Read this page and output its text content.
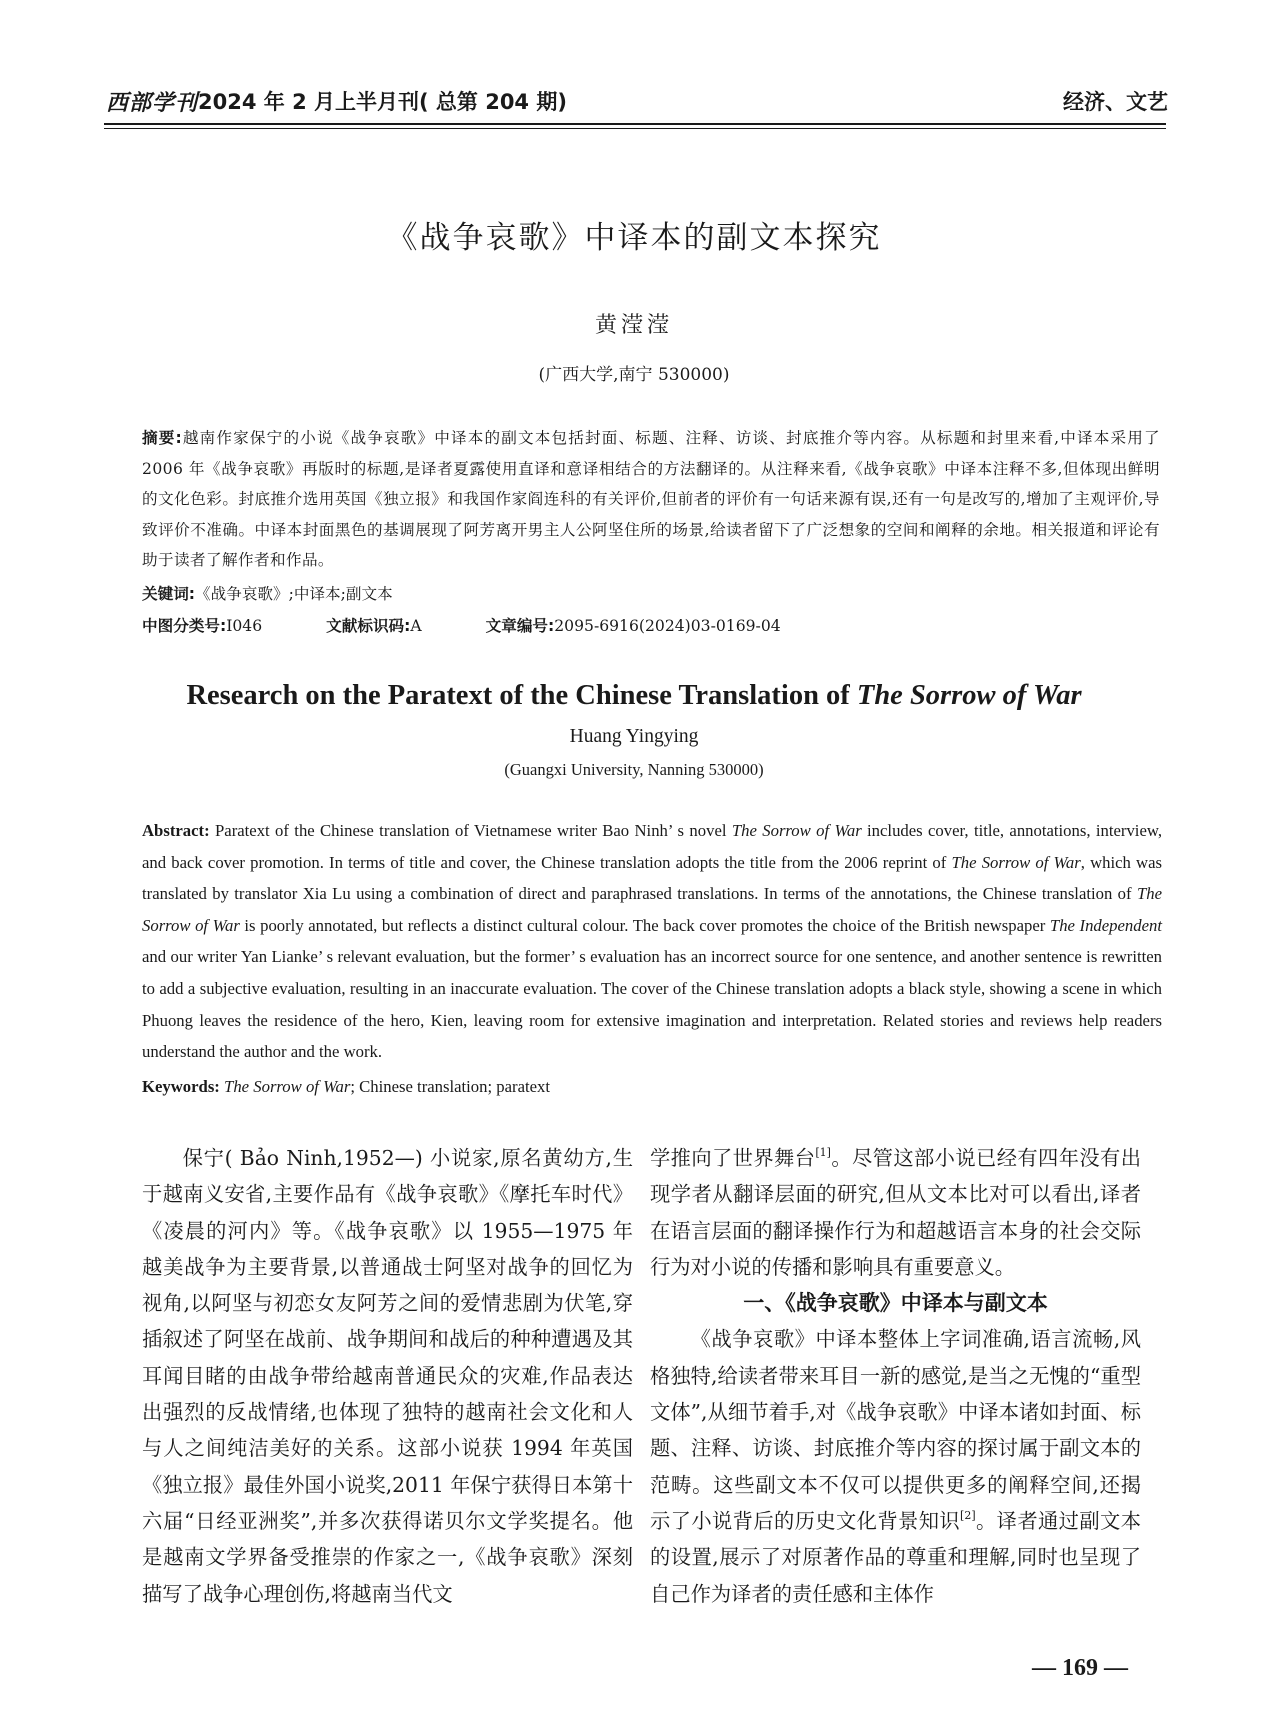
西部学刊 2024 年 2 月上半月刊( 总第 204 期)	经济、文艺
《战争哀歌》中译本的副文本探究
黄滢滢
(广西大学,南宁 530000)
摘要:越南作家保宁的小说《战争哀歌》中译本的副文本包括封面、标题、注释、访谈、封底推介等内容。从标题和封里来看,中译本采用了 2006 年《战争哀歌》再版时的标题,是译者夏露使用直译和意译相结合的方法翻译的。从注释来看,《战争哀歌》中译本注释不多,但体现出鲜明的文化色彩。封底推介选用英国《独立报》和我国作家阎连科的有关评价,但前者的评价有一句话来源有误,还有一句是改写的,增加了主观评价,导致评价不准确。中译本封面黑色的基调展现了阿芳离开男主人公阿坚住所的场景,给读者留下了广泛想象的空间和阐释的余地。相关报道和评论有助于读者了解作者和作品。
关键词:《战争哀歌》;中译本;副文本
中图分类号:I046	文献标识码:A	文章编号:2095-6916(2024)03-0169-04
Research on the Paratext of the Chinese Translation of The Sorrow of War
Huang Yingying
(Guangxi University, Nanning 530000)
Abstract: Paratext of the Chinese translation of Vietnamese writer Bao Ninh’ s novel The Sorrow of War includes cover, title, annotations, interview, and back cover promotion. In terms of title and cover, the Chinese translation adopts the title from the 2006 reprint of The Sorrow of War, which was translated by translator Xia Lu using a combination of direct and paraphrased translations. In terms of the annotations, the Chinese translation of The Sorrow of War is poorly annotated, but reflects a distinct cultural colour. The back cover promotes the choice of the British newspaper The Independent and our writer Yan Lianke’ s relevant evaluation, but the former’ s evaluation has an incorrect source for one sentence, and another sentence is rewritten to add a subjective evaluation, resulting in an inaccurate evaluation. The cover of the Chinese translation adopts a black style, showing a scene in which Phuong leaves the residence of the hero, Kien, leaving room for extensive imagination and interpretation. Related stories and reviews help readers understand the author and the work.
Keywords: The Sorrow of War; Chinese translation; paratext
保宁( Bảo Ninh,1952—) 小说家,原名黄幼方,生于越南义安省,主要作品有《战争哀歌》《摩托车时代》《凌晨的河内》等。《战争哀歌》以 1955—1975 年越美战争为主要背景,以普通战士阿坚对战争的回忆为视角,以阿坚与初恋女友阿芳之间的爱情悲剧为伏笔,穿插叙述了阿坚在战前、战争期间和战后的种种遭遇及其耳闻目睹的由战争带给越南普通民众的灾难,作品表达出强烈的反战情绪,也体现了独特的越南社会文化和人与人之间纯洁美好的关系。这部小说获 1994 年英国《独立报》最佳外国小说奖,2011 年保宁获得日本第十六届“日经亚洲奖”,并多次获得诺贝尔文学奖提名。他是越南文学界备受推崇的作家之一,《战争哀歌》深刻描写了战争心理创伤,将越南当代文
学推向了世界舞台[1]。尽管这部小说已经有四年没有出现学者从翻译层面的研究,但从文本比对可以看出,译者在语言层面的翻译操作行为和超越语言本身的社会交际行为对小说的传播和影响具有重要意义。
一、《战争哀歌》中译本与副文本

《战争哀歌》中译本整体上字词准确,语言流畅,风格独特,给读者带来耳目一新的感觉,是当之无愧的“重型文体”,从细节着手,对《战争哀歌》中译本诸如封面、标题、注释、访谈、封底推介等内容的探讨属于副文本的范畴。这些副文本不仅可以提供更多的阐释空间,还揭示了小说背后的历史文化背景知识[2]。译者通过副文本的设置,展示了对原著作品的尊重和理解,同时也呈现了自己作为译者的责任感和主体作

— 169 —
